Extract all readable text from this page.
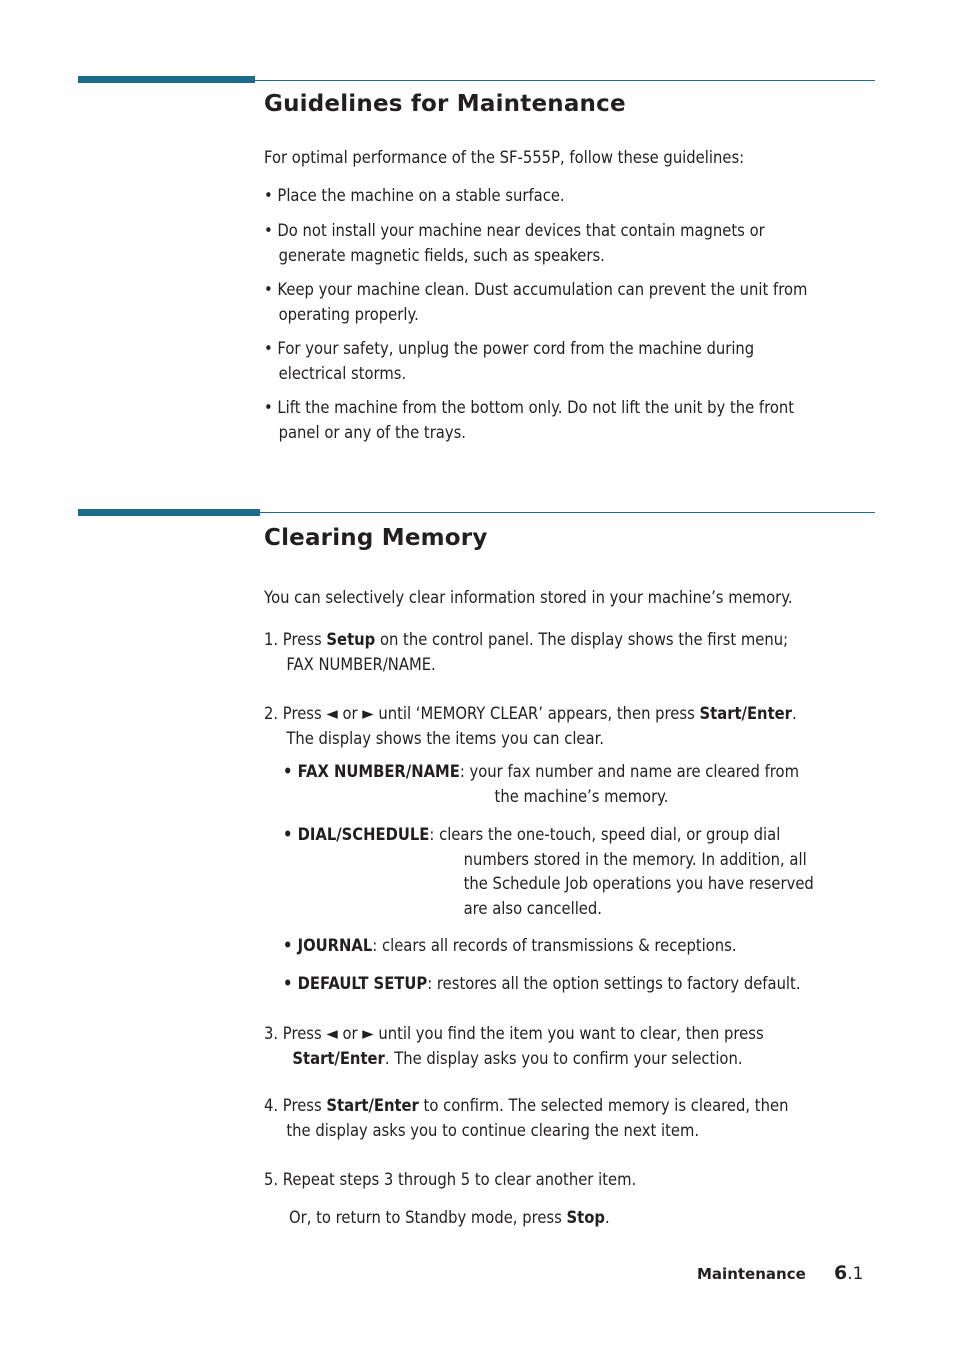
Guidelines for Maintenance

For optimal performance of the SF-555P, follow these guidelines:

• Place the machine on a stable surface.

• Do not install your machine near devices that contain magnets or
generate magnetic fields, such as speakers.

• Keep your machine clean. Dust accumulation can prevent the unit from
operating properly.

• For your safety, unplug the power cord from the machine during
electrical storms.

• Lift the machine from the bottom only. Do not lift the unit by the front
panel or any of the trays.

Clearing Memory

You can selectively clear information stored in your machine’s memory.

1. Press Setup on the control panel. The display shows the first menu;
FAX NUMBER/NAME.

2. Press ◄ or ► until ‘MEMORY CLEAR’ appears, then press Start/Enter.
The display shows the items you can clear.

• FAX NUMBER/NAME: your fax number and name are cleared from
the machine’s memory.

• DIAL/SCHEDULE: clears the one-touch, speed dial, or group dial
numbers stored in the memory. In addition, all
the Schedule Job operations you have reserved
are also cancelled.

• JOURNAL: clears all records of transmissions & receptions.

• DEFAULT SETUP: restores all the option settings to factory default.

3. Press ◄ or ► until you find the item you want to clear, then press
Start/Enter. The display asks you to confirm your selection.

4. Press Start/Enter to confirm. The selected memory is cleared, then
the display asks you to continue clearing the next item.

5. Repeat steps 3 through 5 to clear another item.

Or, to return to Standby mode, press Stop.

Maintenance 6.1
